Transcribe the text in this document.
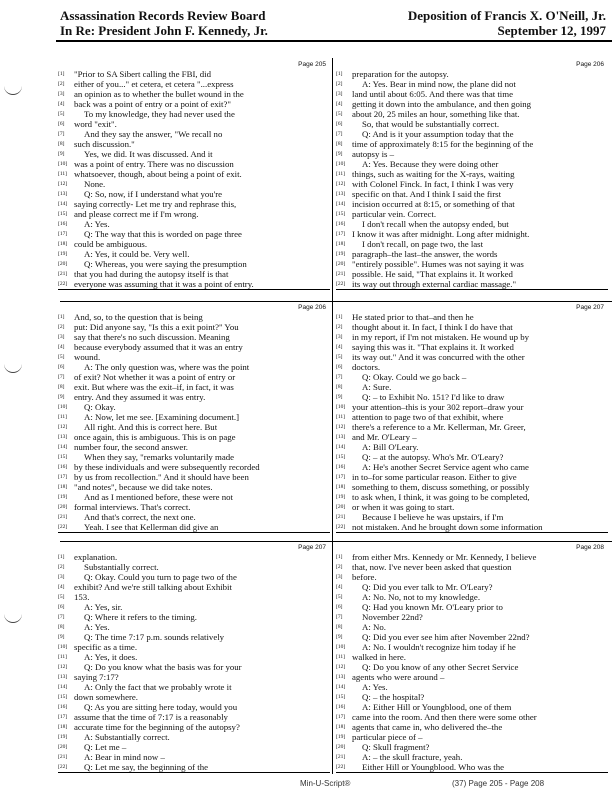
Assassination Records Review Board
In Re: President John F. Kennedy, Jr.
Deposition of Francis X. O'Neill, Jr.
September 12, 1997
Page 205
[1]	"Prior to SA Sibert calling the FBI, did
[2]	either of you..." et cetera, et cetera "...express
[3]	an opinion as to whether the bullet wound in the
[4]	back was a point of entry or a point of exit?"
[5]	To my knowledge, they had never used the
[6]	word "exit".
[7]	And they say the answer, "We recall no
[8]	such discussion."
[9]	Yes, we did. It was discussed. And it
[10] was a point of entry. There was no discussion
[11] whatsoever, though, about being a point of exit.
[12]	None.
[13]	Q: So, now, if I understand what you're
[14] saying correctly- Let me try and rephrase this,
[15] and please correct me if I'm wrong.
[16]	A: Yes.
[17]	Q: The way that this is worded on page three
[18] could be ambiguous.
[19]	A: Yes, it could be. Very well.
[20]	Q: Whereas, you were saying the presumption
[21] that you had during the autopsy itself is that
[22] everyone was assuming that it was a point of entry.
Page 206
[1]	preparation for the autopsy.
[2]	A: Yes. Bear in mind now, the plane did not
[3]	land until about 6:05. And there was that time
[4]	getting it down into the ambulance, and then going
[5]	about 20, 25 miles an hour, something like that.
[6]	So, that would be substantially correct.
[7]	Q: And is it your assumption today that the
[8]	time of approximately 8:15 for the beginning of the
[9]	autopsy is –
[10]	A: Yes. Because they were doing other
[11] things, such as waiting for the X-rays, waiting
[12] with Colonel Finck. In fact, I think I was very
[13] specific on that. And I think I said the first
[14] incision occurred at 8:15, or something of that
[15] particular vein. Correct.
[16]	I don't recall when the autopsy ended, but
[17] I know it was after midnight. Long after midnight.
[18]	I don't recall, on page two, the last
[19] paragraph–the last–the answer, the words
[20] "entirely possible". Humes was not saying it was
[21] possible. He said, "That explains it. It worked
[22] its way out through external cardiac massage."
Page 206
[1]	And, so, to the question that is being
[2]	put: Did anyone say, "Is this a exit point?" You
[3]	say that there's no such discussion. Meaning
[4]	because everybody assumed that it was an entry
[5]	wound.
[6]	A: The only question was, where was the point
[7]	of exit? Not whether it was a point of entry or
[8]	exit. But where was the exit–if, in fact, it was
[9]	entry. And they assumed it was entry.
[10]	Q: Okay.
[11]	A: Now, let me see. [Examining document.]
[12]	All right. And this is correct here. But
[13] once again, this is ambiguous. This is on page
[14] number four, the second answer.
[15]	When they say, "remarks voluntarily made
[16] by these individuals and were subsequently recorded
[17] by us from recollection." And it should have been
[18] "and notes", because we did take notes.
[19]	And as I mentioned before, these were not
[20] formal interviews. That's correct.
[21]	And that's correct, the next one.
[22]	Yeah. I see that Kellerman did give an
Page 207
[1]	He stated prior to that–and then he
[2]	thought about it. In fact, I think I do have that
[3]	in my report, if I'm not mistaken. He wound up by
[4]	saying this was it. "That explains it. It worked
[5]	its way out." And it was concurred with the other
[6]	doctors.
[7]	Q: Okay. Could we go back –
[8]	A: Sure.
[9]	Q: – to Exhibit No. 151? I'd like to draw
[10] your attention–this is your 302 report–draw your
[11] attention to page two of that exhibit, where
[12] there's a reference to a Mr. Kellerman, Mr. Greer,
[13] and Mr. O'Leary –
[14]	A: Bill O'Leary.
[15]	Q: – at the autopsy. Who's Mr. O'Leary?
[16]	A: He's another Secret Service agent who came
[17] in to–for some particular reason. Either to give
[18] something to them, discuss something, or possibly
[19] to ask when, I think, it was going to be completed,
[20] or when it was going to start.
[21]	Because I believe he was upstairs, if I'm
[22] not mistaken. And he brought down some information
Page 207
[1]	explanation.
[2]	Substantially correct.
[3]	Q: Okay. Could you turn to page two of the
[4]	exhibit? And we're still talking about Exhibit
[5]	153.
[6]	A: Yes, sir.
[7]	Q: Where it refers to the timing.
[8]	A: Yes.
[9]	Q: The time 7:17 p.m. sounds relatively
[10] specific as a time.
[11]	A: Yes, it does.
[12]	Q: Do you know what the basis was for your
[13] saying 7:17?
[14]	A: Only the fact that we probably wrote it
[15] down somewhere.
[16]	Q: As you are sitting here today, would you
[17] assume that the time of 7:17 is a reasonably
[18] accurate time for the beginning of the autopsy?
[19]	A: Substantially correct.
[20]	Q: Let me –
[21]	A: Bear in mind now –
[22]	Q: Let me say, the beginning of the
Page 208
[1]	from either Mrs. Kennedy or Mr. Kennedy, I believe
[2]	that, now. I've never been asked that question
[3]	before.
[4]	Q: Did you ever talk to Mr. O'Leary?
[5]	A: No. No, not to my knowledge.
[6]	Q: Had you known Mr. O'Leary prior to
[7]	November 22nd?
[8]	A: No.
[9]	Q: Did you ever see him after November 22nd?
[10]	A: No. I wouldn't recognize him today if he
[11] walked in here.
[12]	Q: Do you know of any other Secret Service
[13] agents who were around –
[14]	A: Yes.
[15]	Q: – the hospital?
[16]	A: Either Hill or Youngblood, one of them
[17] came into the room. And then there were some other
[18] agents that came in, who delivered the–the
[19] particular piece of –
[20]	Q: Skull fragment?
[21]	A: – the skull fracture, yeah.
[22]	Either Hill or Youngblood. Who was the
Min-U-Script®	(37) Page 205 - Page 208
